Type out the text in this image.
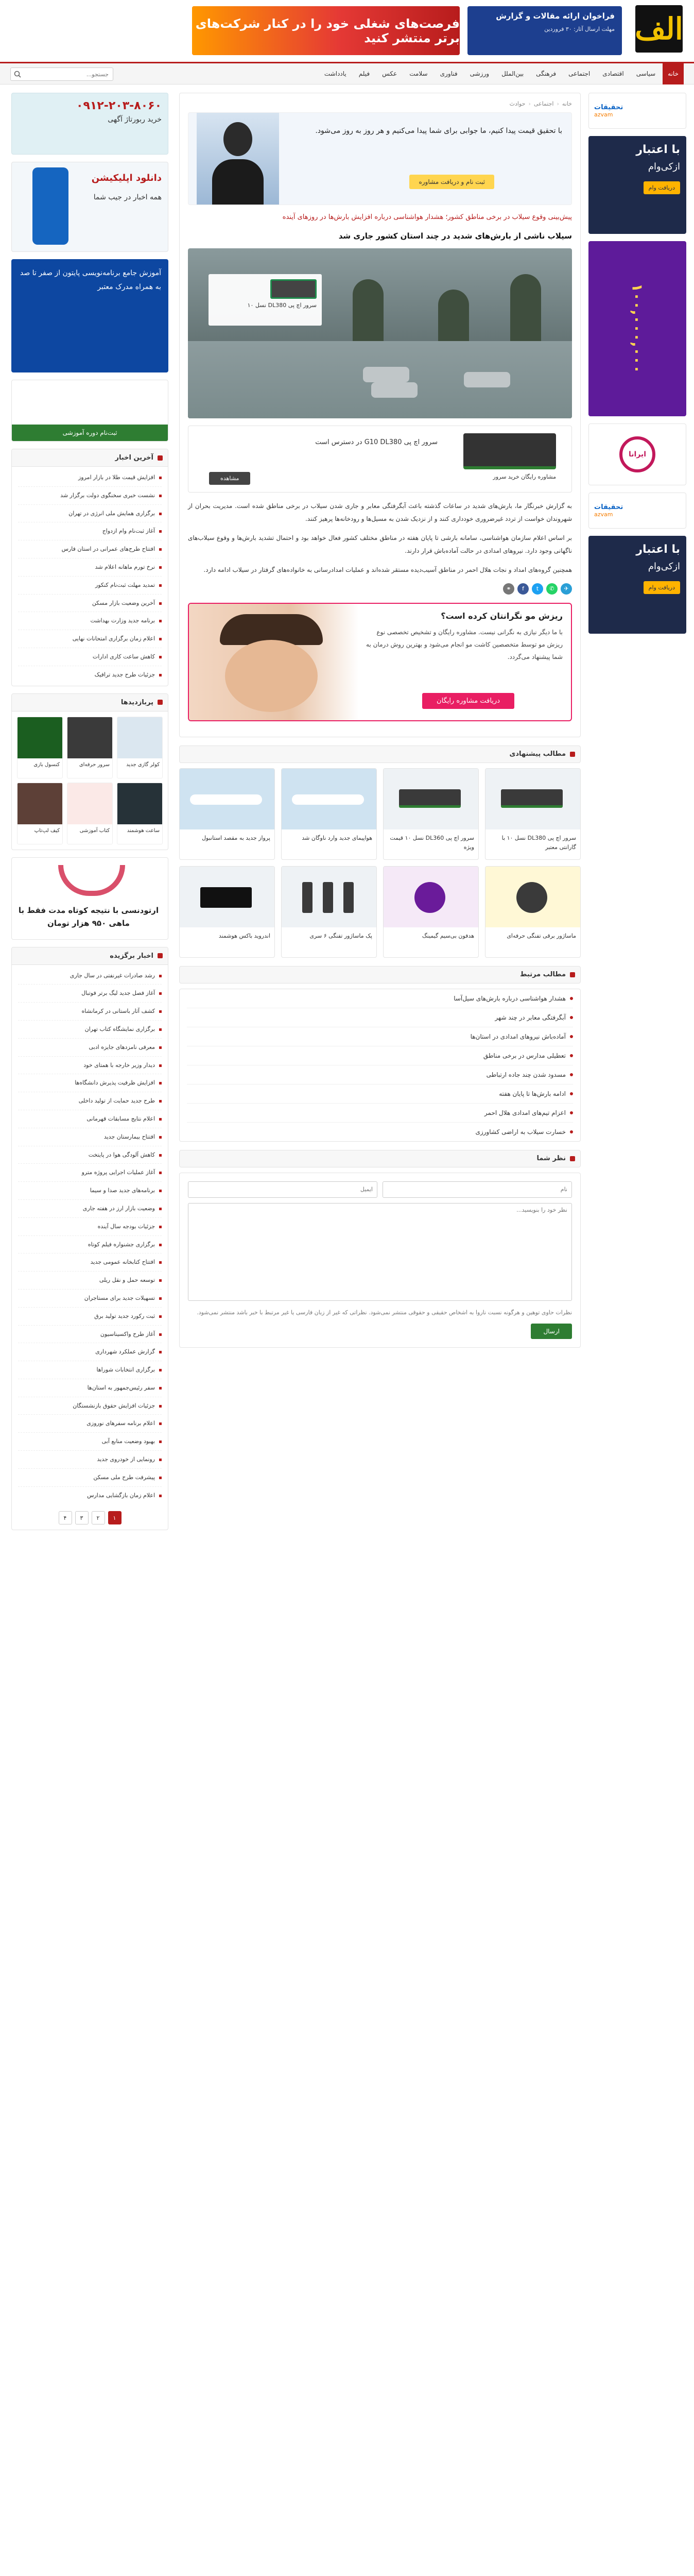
الف
فراخوان ارائه مقالات و گزارش
مهلت ارسال آثار: ۳۰ فروردین
فرصت‌های شغلی خود را در کنار شرکت‌های برتر منتشر کنید
خانه
سیاسی
اقتصادی
اجتماعی
فرهنگی
بین‌الملل
ورزشی
فناوری
سلامت
عکس
فیلم
یادداشت
جستجو...
تحقیقات
azvam
با اعتبار
ازکی‌وام
دریافت وام
۱۰۰,۰۰۰,۰۰۰
ایرانا
تحقیقات
azvam
با اعتبار
ازکی‌وام
دریافت وام
خانه
‹
اجتماعی
‹
حوادث
با تحقیق قیمت پیدا کنیم، ما جوابی برای شما پیدا می‌کنیم و هر روز به روز می‌شود.
ثبت نام و دریافت مشاوره
پیش‌بینی وقوع سیلاب در برخی مناطق کشور؛ هشدار هواشناسی درباره افزایش بارش‌ها در روزهای آینده
سیلاب ناشی از بارش‌های شدید در چند استان کشور جاری شد
سرور اچ پی DL380 نسل ۱۰
مشاوره رایگان خرید سرور
سرور اچ پی G10 DL380 در دسترس است
مشاهده

به گزارش خبرنگار ما، بارش‌های شدید در ساعات گذشته باعث آبگرفتگی معابر و جاری شدن سیلاب در برخی مناطق شده است. مدیریت بحران از شهروندان خواست از تردد غیرضروری خودداری کنند و از نزدیک شدن به مسیل‌ها و رودخانه‌ها پرهیز کنند.

بر اساس اعلام سازمان هواشناسی، سامانه بارشی تا پایان هفته در مناطق مختلف کشور فعال خواهد بود و احتمال تشدید بارش‌ها و وقوع سیلاب‌های ناگهانی وجود دارد. نیروهای امدادی در حالت آماده‌باش قرار دارند.

همچنین گروه‌های امداد و نجات هلال احمر در مناطق آسیب‌دیده مستقر شده‌اند و عملیات امدادرسانی به خانواده‌های گرفتار در سیلاب ادامه دارد.

✈
✆
t
f
⚭
ریزش مو نگرانتان کرده است؟
با ما دیگر نیازی به نگرانی نیست. مشاوره رایگان و تشخیص تخصصی نوع ریزش مو توسط متخصصین کاشت مو انجام می‌شود و بهترین روش درمان به شما پیشنهاد می‌گردد.
دریافت مشاوره رایگان
مطالب پیشنهادی
سرور اچ پی DL380 نسل ۱۰ با گارانتی معتبر
سرور اچ پی DL360 نسل ۱۰ قیمت ویژه
هواپیمای جدید وارد ناوگان شد
پرواز جدید به مقصد استانبول
ماساژور برقی تفنگی حرفه‌ای
هدفون بی‌سیم گیمینگ
پک ماساژور تفنگی ۶ سری
اندروید باکس هوشمند
مطالب مرتبط
هشدار هواشناسی درباره بارش‌های سیل‌آسا
آبگرفتگی معابر در چند شهر
آماده‌باش نیروهای امدادی در استان‌ها
تعطیلی مدارس در برخی مناطق
مسدود شدن چند جاده ارتباطی
ادامه بارش‌ها تا پایان هفته
اعزام تیم‌های امدادی هلال احمر
خسارت سیلاب به اراضی کشاورزی
نظر شما
نام
ایمیل
نظر خود را بنویسید...
نظرات حاوی توهین و هرگونه نسبت ناروا به اشخاص حقیقی و حقوقی منتشر نمی‌شود. نظراتی که غیر از زبان فارسی یا غیر مرتبط با خبر باشد منتشر نمی‌شود.
ارسال
۰۹۱۲-۲۰۳-۸۰۶۰
خرید ربورتاژ آگهی
دانلود اپلیکیشن
همه اخبار در جیب شما
آموزش جامع برنامه‌نویسی پایتون از صفر تا صد به همراه مدرک معتبر
ثبت‌نام دوره آموزشی
آخرین اخبار
افزایش قیمت طلا در بازار امروز
نشست خبری سخنگوی دولت برگزار شد
برگزاری همایش ملی انرژی در تهران
آغاز ثبت‌نام وام ازدواج
افتتاح طرح‌های عمرانی در استان فارس
نرخ تورم ماهانه اعلام شد
تمدید مهلت ثبت‌نام کنکور
آخرین وضعیت بازار مسکن
برنامه جدید وزارت بهداشت
اعلام زمان برگزاری امتحانات نهایی
کاهش ساعت کاری ادارات
جزئیات طرح جدید ترافیک
پربازدیدها
کولر گازی جدید
سرور حرفه‌ای
کنسول بازی
ساعت هوشمند
کتاب آموزشی
کیف لپ‌تاپ
ارتودنسی با نتیجه کوتاه مدت فقط با ماهی ۹۵۰ هزار تومان
اخبار برگزیده
رشد صادرات غیرنفتی در سال جاری
آغاز فصل جدید لیگ برتر فوتبال
کشف آثار باستانی در کرمانشاه
برگزاری نمایشگاه کتاب تهران
معرفی نامزدهای جایزه ادبی
دیدار وزیر خارجه با همتای خود
افزایش ظرفیت پذیرش دانشگاه‌ها
طرح جدید حمایت از تولید داخلی
اعلام نتایج مسابقات قهرمانی
افتتاح بیمارستان جدید
کاهش آلودگی هوا در پایتخت
آغاز عملیات اجرایی پروژه مترو
برنامه‌های جدید صدا و سیما
وضعیت بازار ارز در هفته جاری
جزئیات بودجه سال آینده
برگزاری جشنواره فیلم کوتاه
افتتاح کتابخانه عمومی جدید
توسعه حمل و نقل ریلی
تسهیلات جدید برای مستاجران
ثبت رکورد جدید تولید برق
آغاز طرح واکسیناسیون
گزارش عملکرد شهرداری
برگزاری انتخابات شوراها
سفر رئیس‌جمهور به استان‌ها
جزئیات افزایش حقوق بازنشستگان
اعلام برنامه سفرهای نوروزی
بهبود وضعیت منابع آبی
رونمایی از خودروی جدید
پیشرفت طرح ملی مسکن
اعلام زمان بازگشایی مدارس
۱
۲
۳
۴
